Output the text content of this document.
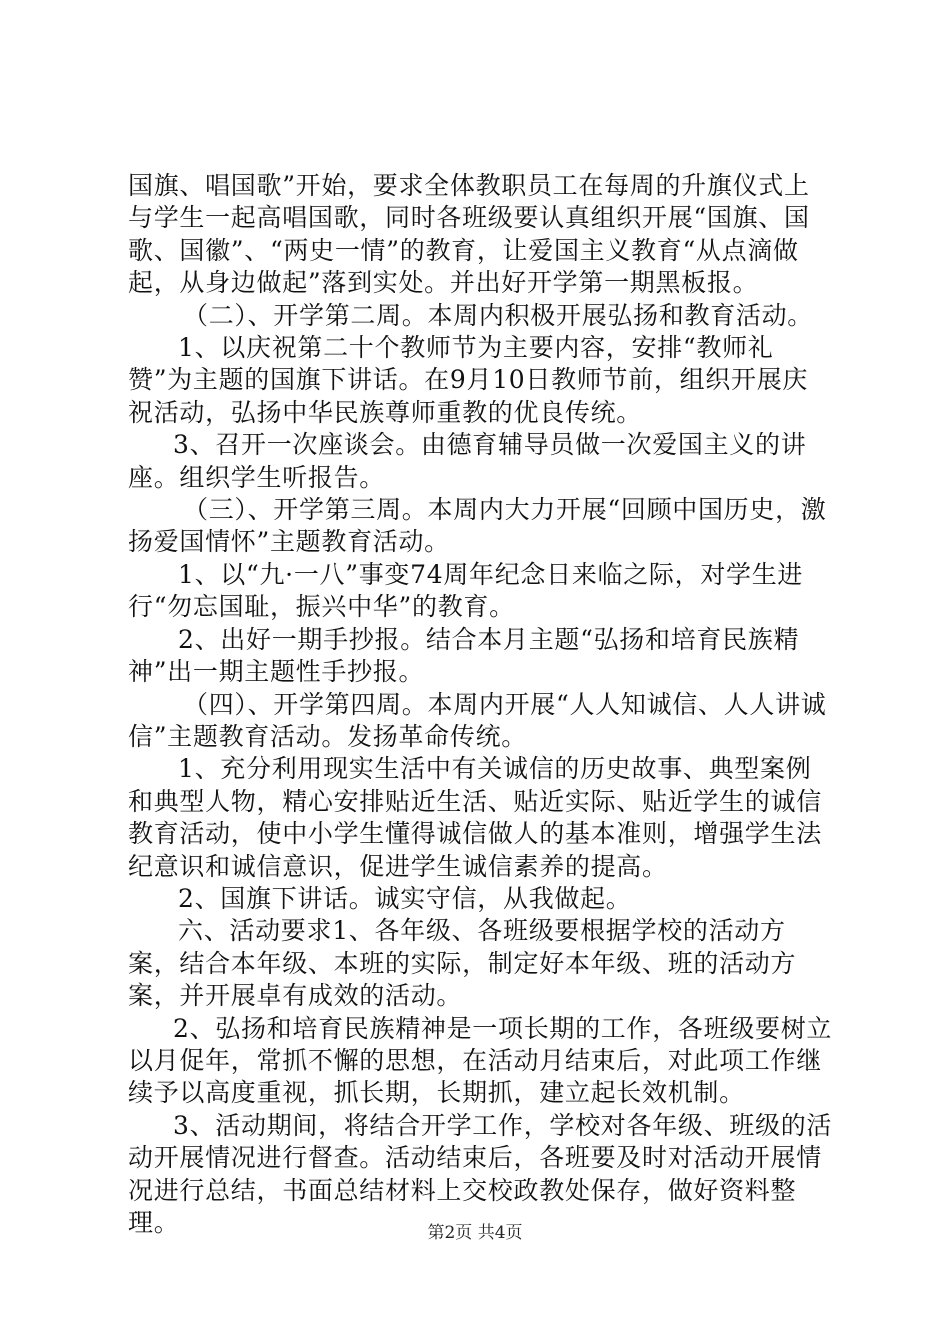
国旗、唱国歌”开始，要求全体教职员工在每周的升旗仪式上与学生一起高唱国歌，同时各班级要认真组织开展“国旗、国歌、国徽”、“两史一情”的教育，让爱国主义教育“从点滴做起，从身边做起”落到实处。并出好开学第一期黑板报。

（二）、开学第二周。本周内积极开展弘扬和教育活动。

1、以庆祝第二十个教师节为主要内容，安排“教师礼赞”为主题的国旗下讲话。在9月10日教师节前，组织开展庆祝活动，弘扬中华民族尊师重教的优良传统。

3、召开一次座谈会。由德育辅导员做一次爱国主义的讲座。组织学生听报告。

（三）、开学第三周。本周内大力开展“回顾中国历史，激扬爱国情怀”主题教育活动。

1、以“九·一八”事变74周年纪念日来临之际，对学生进行“勿忘国耻，振兴中华”的教育。

2、出好一期手抄报。结合本月主题“弘扬和培育民族精神”出一期主题性手抄报。

（四）、开学第四周。本周内开展“人人知诚信、人人讲诚信”主题教育活动。发扬革命传统。

1、充分利用现实生活中有关诚信的历史故事、典型案例和典型人物，精心安排贴近生活、贴近实际、贴近学生的诚信教育活动，使中小学生懂得诚信做人的基本准则，增强学生法纪意识和诚信意识，促进学生诚信素养的提高。

2、国旗下讲话。诚实守信，从我做起。

六、活动要求1、各年级、各班级要根据学校的活动方案，结合本年级、本班的实际，制定好本年级、班的活动方案，并开展卓有成效的活动。

2、弘扬和培育民族精神是一项长期的工作，各班级要树立以月促年，常抓不懈的思想，在活动月结束后，对此项工作继续予以高度重视，抓长期，长期抓，建立起长效机制。

3、活动期间，将结合开学工作，学校对各年级、班级的活动开展情况进行督查。活动结束后，各班要及时对活动开展情况进行总结，书面总结材料上交校政教处保存，做好资料整理。	第2页 共4页
